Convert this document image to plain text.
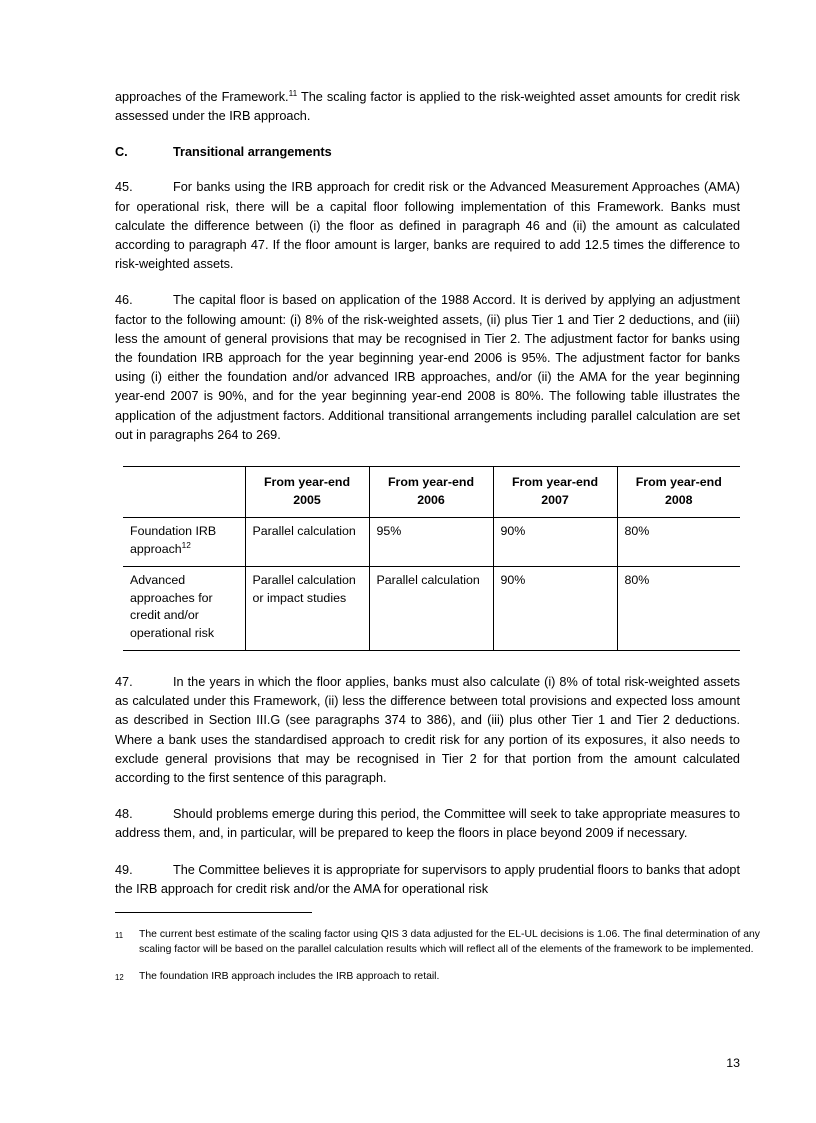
approaches of the Framework.$^{11}$ The scaling factor is applied to the risk-weighted asset amounts for credit risk assessed under the IRB approach.

C.	Transitional arrangements

45.	For banks using the IRB approach for credit risk or the Advanced Measurement Approaches (AMA) for operational risk, there will be a capital floor following implementation of this Framework. Banks must calculate the difference between (i) the floor as defined in paragraph 46 and (ii) the amount as calculated according to paragraph 47. If the floor amount is larger, banks are required to add 12.5 times the difference to risk-weighted assets.

46.	The capital floor is based on application of the 1988 Accord. It is derived by applying an adjustment factor to the following amount: (i) 8% of the risk-weighted assets, (ii) plus Tier 1 and Tier 2 deductions, and (iii) less the amount of general provisions that may be recognised in Tier 2. The adjustment factor for banks using the foundation IRB approach for the year beginning year-end 2006 is 95%. The adjustment factor for banks using (i) either the foundation and/or advanced IRB approaches, and/or (ii) the AMA for the year beginning year-end 2007 is 90%, and for the year beginning year-end 2008 is 80%. The following table illustrates the application of the adjustment factors. Additional transitional arrangements including parallel calculation are set out in paragraphs 264 to 269.

	From year-end 2005	From year-end 2006	From year-end 2007	From year-end 2008
Foundation IRB approach$^{12}$	Parallel calculation	95%	90%	80%
Advanced approaches for credit and/or operational risk	Parallel calculation or impact studies	Parallel calculation	90%	80%

47.	In the years in which the floor applies, banks must also calculate (i) 8% of total risk-weighted assets as calculated under this Framework, (ii) less the difference between total provisions and expected loss amount as described in Section III.G (see paragraphs 374 to 386), and (iii) plus other Tier 1 and Tier 2 deductions. Where a bank uses the standardised approach to credit risk for any portion of its exposures, it also needs to exclude general provisions that may be recognised in Tier 2 for that portion from the amount calculated according to the first sentence of this paragraph.

48.	Should problems emerge during this period, the Committee will seek to take appropriate measures to address them, and, in particular, will be prepared to keep the floors in place beyond 2009 if necessary.

49.	The Committee believes it is appropriate for supervisors to apply prudential floors to banks that adopt the IRB approach for credit risk and/or the AMA for operational risk

11	The current best estimate of the scaling factor using QIS 3 data adjusted for the EL-UL decisions is 1.06. The final determination of any scaling factor will be based on the parallel calculation results which will reflect all of the elements of the framework to be implemented.
12	The foundation IRB approach includes the IRB approach to retail.
13
